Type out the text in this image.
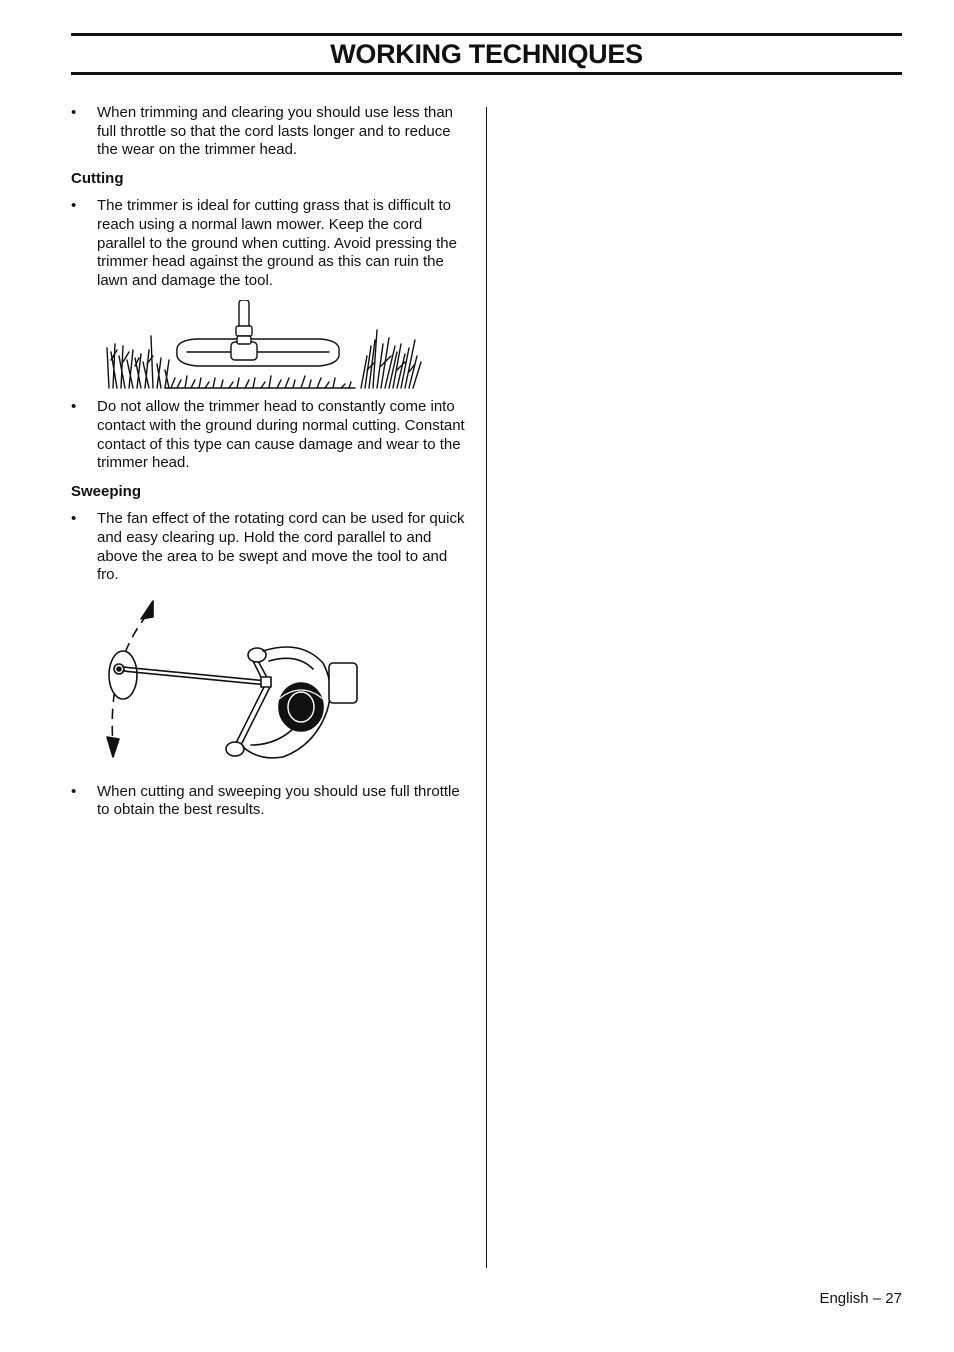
WORKING TECHNIQUES
• When trimming and clearing you should use less than full throttle so that the cord lasts longer and to reduce the wear on the trimmer head.
Cutting
• The trimmer is ideal for cutting grass that is difficult to reach using a normal lawn mower. Keep the cord parallel to the ground when cutting. Avoid pressing the trimmer head against the ground as this can ruin the lawn and damage the tool.
• Do not allow the trimmer head to constantly come into contact with the ground during normal cutting. Constant contact of this type can cause damage and wear to the trimmer head.
Sweeping
• The fan effect of the rotating cord can be used for quick and easy clearing up. Hold the cord parallel to and above the area to be swept and move the tool to and fro.
• When cutting and sweeping you should use full throttle to obtain the best results.
English – 27
